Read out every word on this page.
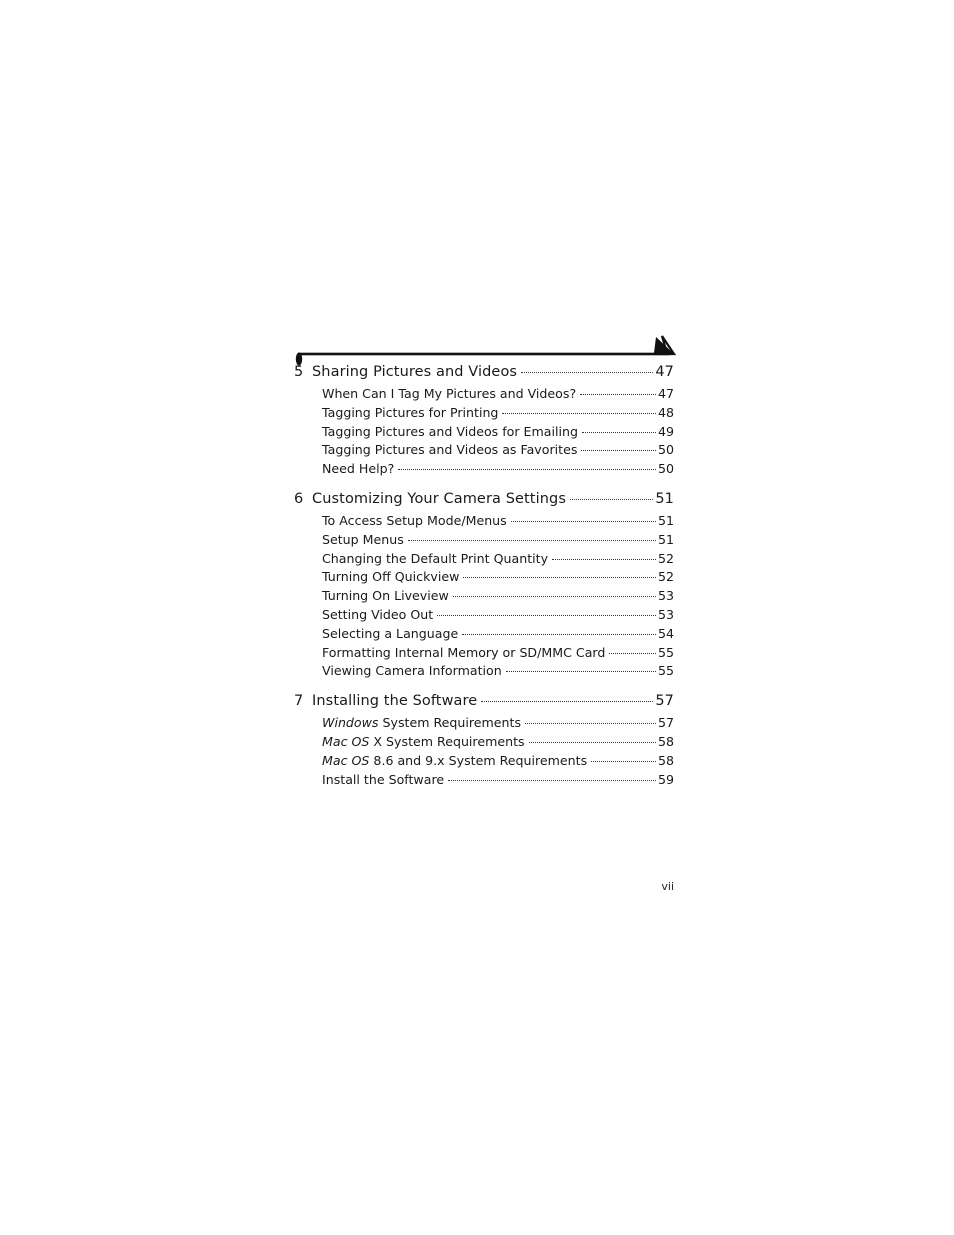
5 Sharing Pictures and Videos	47
When Can I Tag My Pictures and Videos?	47
Tagging Pictures for Printing	48
Tagging Pictures and Videos for Emailing	49
Tagging Pictures and Videos as Favorites	50
Need Help?	50
6 Customizing Your Camera Settings	51
To Access Setup Mode/Menus	51
Setup Menus	51
Changing the Default Print Quantity	52
Turning Off Quickview	52
Turning On Liveview	53
Setting Video Out	53
Selecting a Language	54
Formatting Internal Memory or SD/MMC Card	55
Viewing Camera Information	55
7 Installing the Software	57
Windows System Requirements	57
Mac OS X System Requirements	58
Mac OS 8.6 and 9.x System Requirements	58
Install the Software	59
vii
